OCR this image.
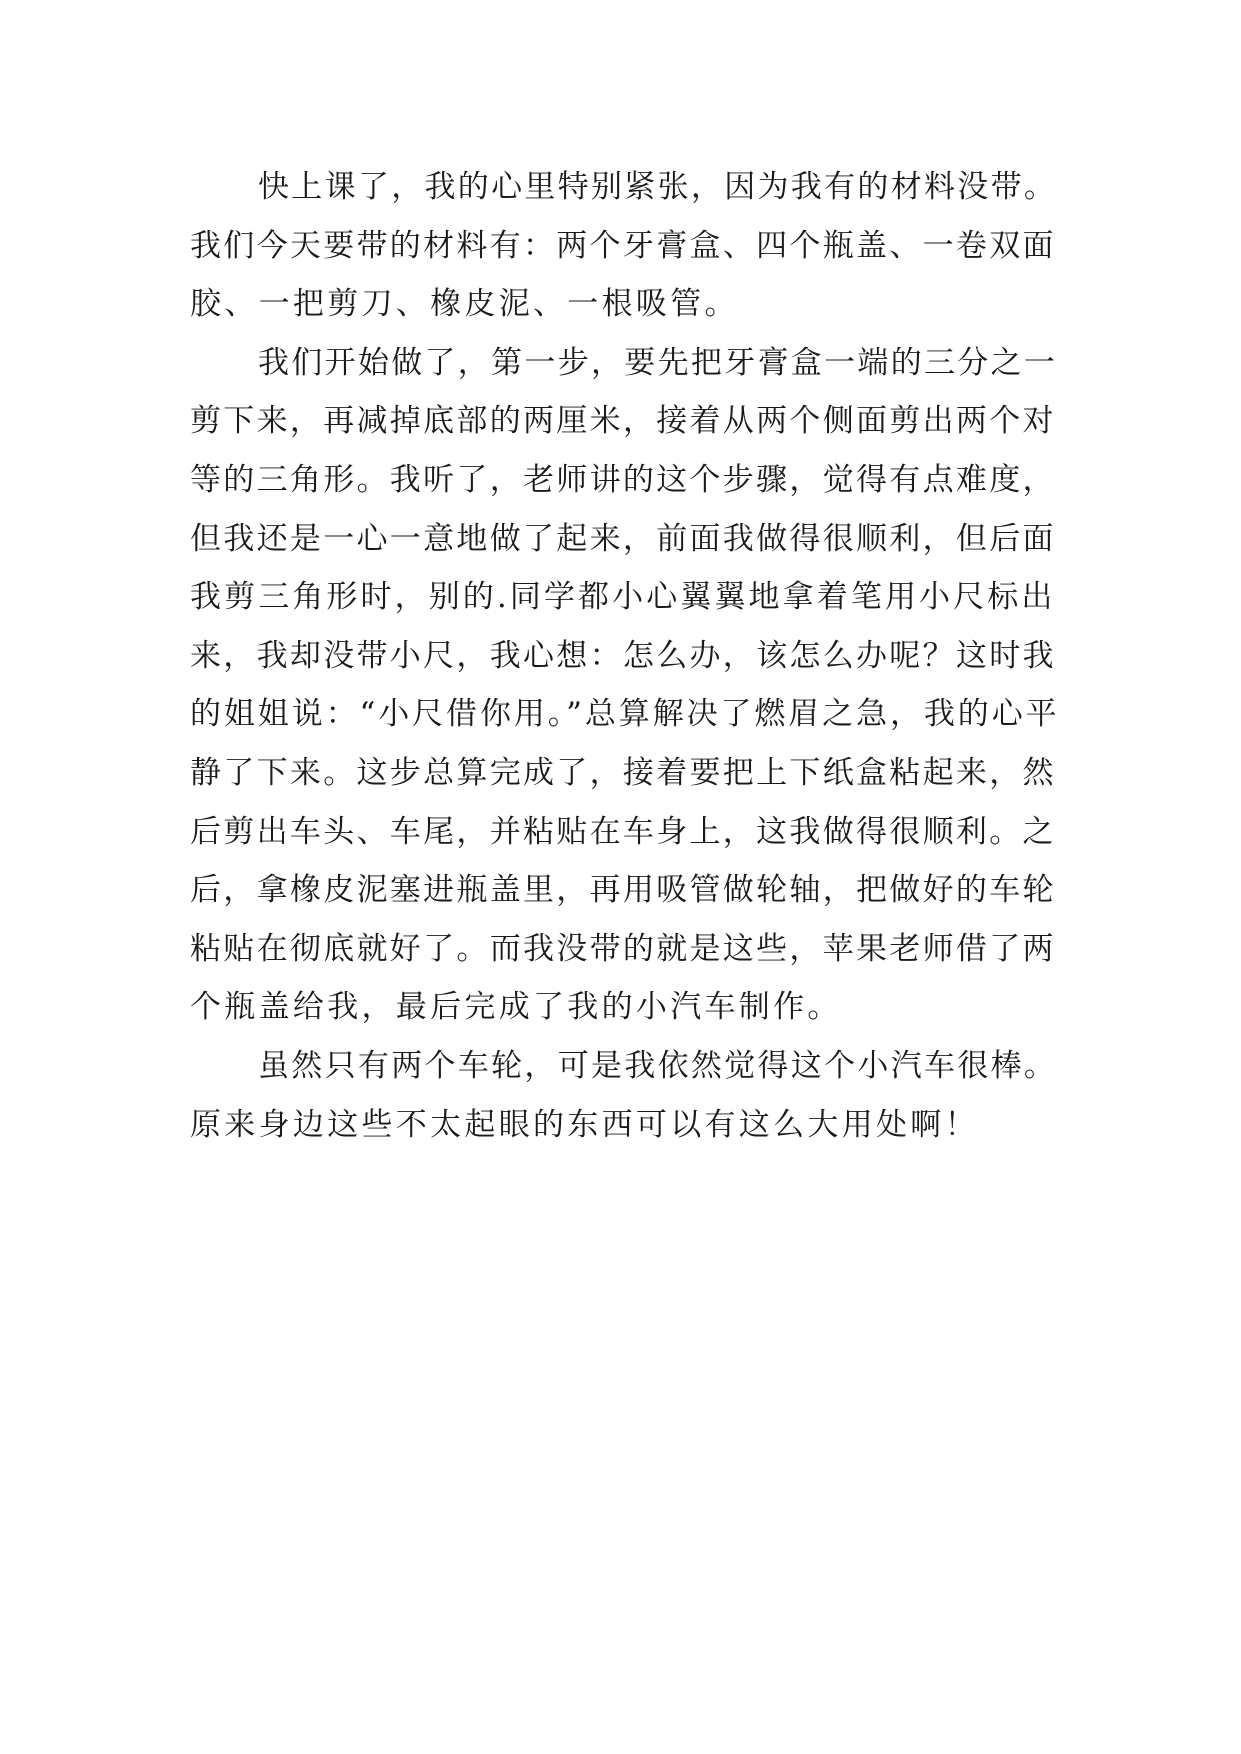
快上课了，我的心里特别紧张，因为我有的材料没带。
我们今天要带的材料有：两个牙膏盒、四个瓶盖、一卷双面
胶、一把剪刀、橡皮泥、一根吸管。
我们开始做了，第一步，要先把牙膏盒一端的三分之一
剪下来，再减掉底部的两厘米，接着从两个侧面剪出两个对
等的三角形。我听了，老师讲的这个步骤，觉得有点难度，
但我还是一心一意地做了起来，前面我做得很顺利，但后面
我剪三角形时，别的.同学都小心翼翼地拿着笔用小尺标出
来，我却没带小尺，我心想：怎么办，该怎么办呢？这时我
的姐姐说：“小尺借你用。”总算解决了燃眉之急，我的心平
静了下来。这步总算完成了，接着要把上下纸盒粘起来，然
后剪出车头、车尾，并粘贴在车身上，这我做得很顺利。之
后，拿橡皮泥塞进瓶盖里，再用吸管做轮轴，把做好的车轮
粘贴在彻底就好了。而我没带的就是这些，苹果老师借了两
个瓶盖给我，最后完成了我的小汽车制作。
虽然只有两个车轮，可是我依然觉得这个小汽车很棒。
原来身边这些不太起眼的东西可以有这么大用处啊！
